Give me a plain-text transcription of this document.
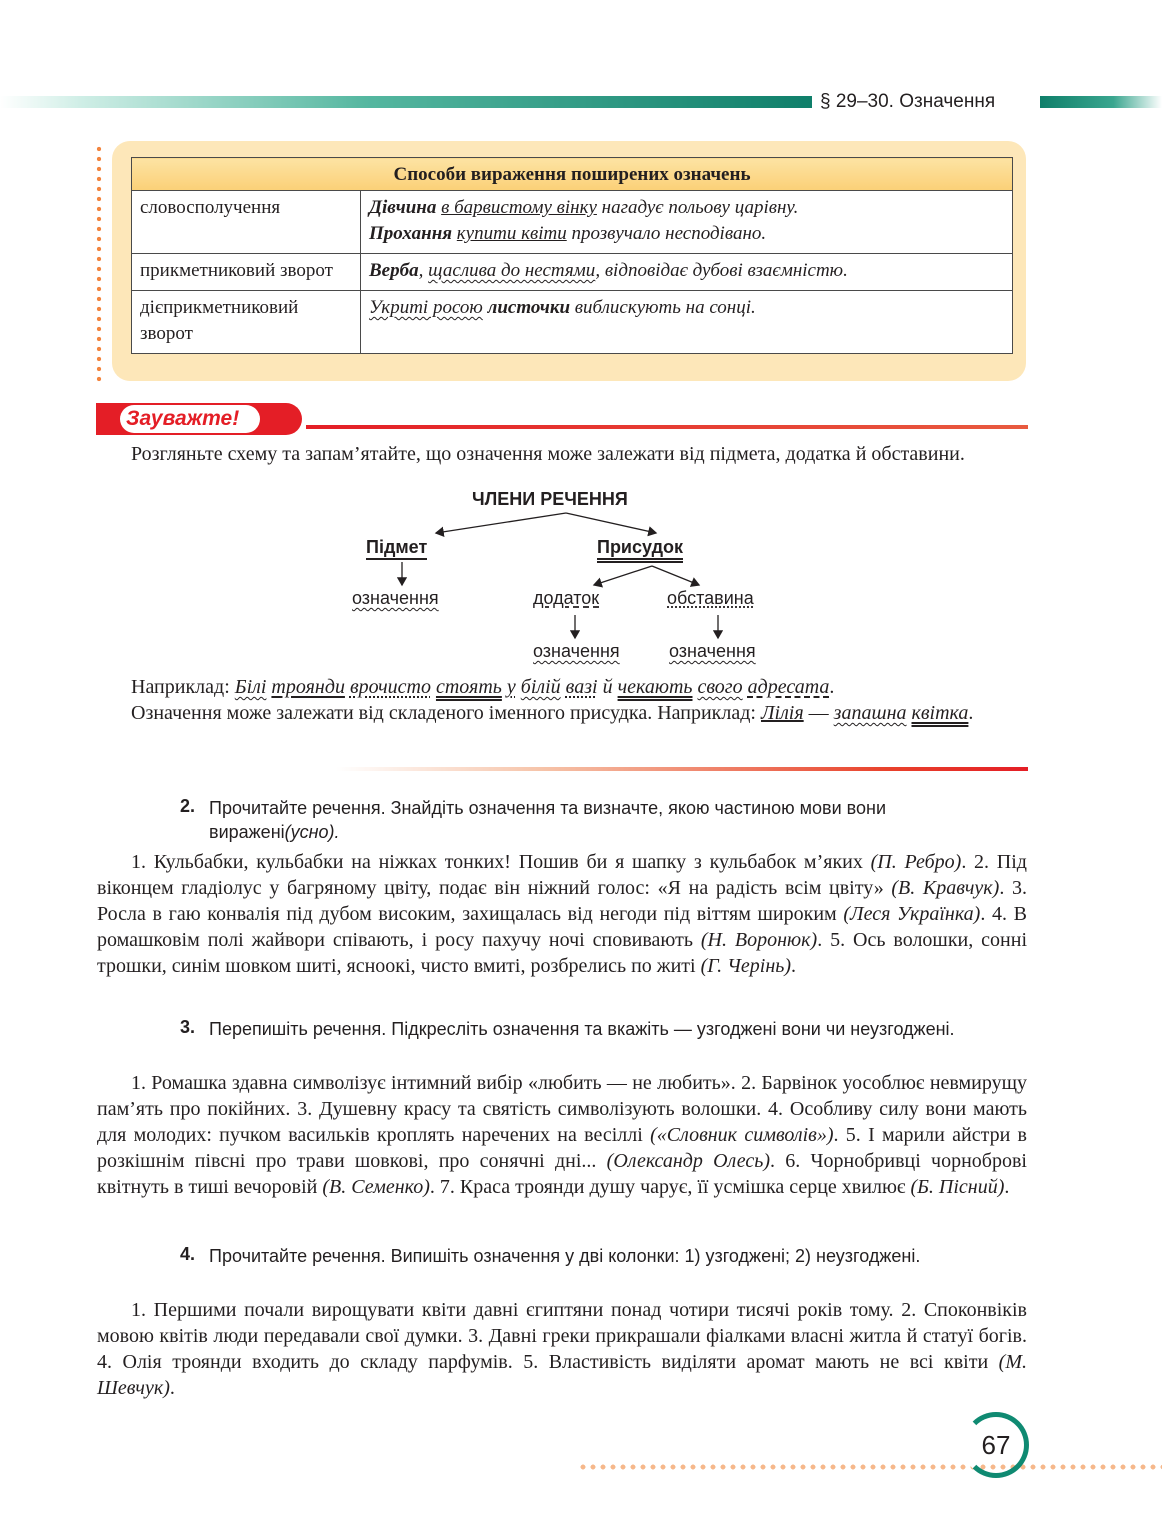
§ 29–30. Означення
Способи вираження поширених означень	
словосполучення	Дівчина в барвистому вінку нагадує польову царівну.
Прохання купити квіти прозвучало несподівано.
прикметниковий зворот	Верба, щаслива до нестями, відповідає дубові взаємністю.
дієприкметниковий зворот	Укриті росою листочки виблискують на сонці.
Зауважте!
Розгляньте схему та запам’ятайте, що означення може залежати від підмета, додатка й обставини.
ЧЛЕНИ РЕЧЕННЯ
Підмет	Присудок
означення	додаток	обставина
означення	означення
Наприклад: Білі троянди врочисто стоять у білій вазі й чекають свого адресата.
Означення може залежати від складеного іменного присудка. Наприклад: Лілія — запашна квітка.
2. Прочитайте речення. Знайдіть означення та визначте, якою частиною мови вони виражені(усно).
1. Кульбабки, кульбабки на ніжках тонких! Пошив би я шапку з кульбабок м’яких (П. Ребро). 2. Під віконцем гладіолус у багряному цвіту, подає він ніжний голос: «Я на радість всім цвіту» (В. Кравчук). 3. Росла в гаю конвалія під дубом високим, захищалась від негоди під віттям широким (Леся Українка). 4. В ромашковім полі жайвори співають, і росу пахучу ночі сповивають (Н. Воронюк). 5. Ось волошки, сонні трошки, синім шовком шиті, ясноокі, чисто вмиті, розбрелись по житі (Г. Черінь).
3. Перепишіть речення. Підкресліть означення та вкажіть — узгоджені вони чи неузгоджені.
1. Ромашка здавна символізує інтимний вибір «любить — не любить». 2. Барвінок уособлює невмирущу пам’ять про покійних. 3. Душевну красу та святість символізують волошки. 4. Особливу силу вони мають для молодих: пучком васильків кроплять наречених на весіллі («Словник символів»). 5. І марили айстри в розкішнім півсні про трави шовкові, про сонячні дні... (Олександр Олесь). 6. Чорнобривці чорноброві квітнуть в тиші вечоровій (В. Семенко). 7. Краса троянди душу чарує, її усмішка серце хвилює (Б. Пісний).
4. Прочитайте речення. Випишіть означення у дві колонки: 1) узгоджені; 2) неузгоджені.
1. Першими почали вирощувати квіти давні єгиптяни понад чотири тисячі років тому. 2. Споконвіків мовою квітів люди передавали свої думки. 3. Давні греки прикрашали фіалками власні житла й статуї богів. 4. Олія троянди входить до складу парфумів. 5. Властивість виділяти аромат мають не всі квіти (М. Шевчук).
67
